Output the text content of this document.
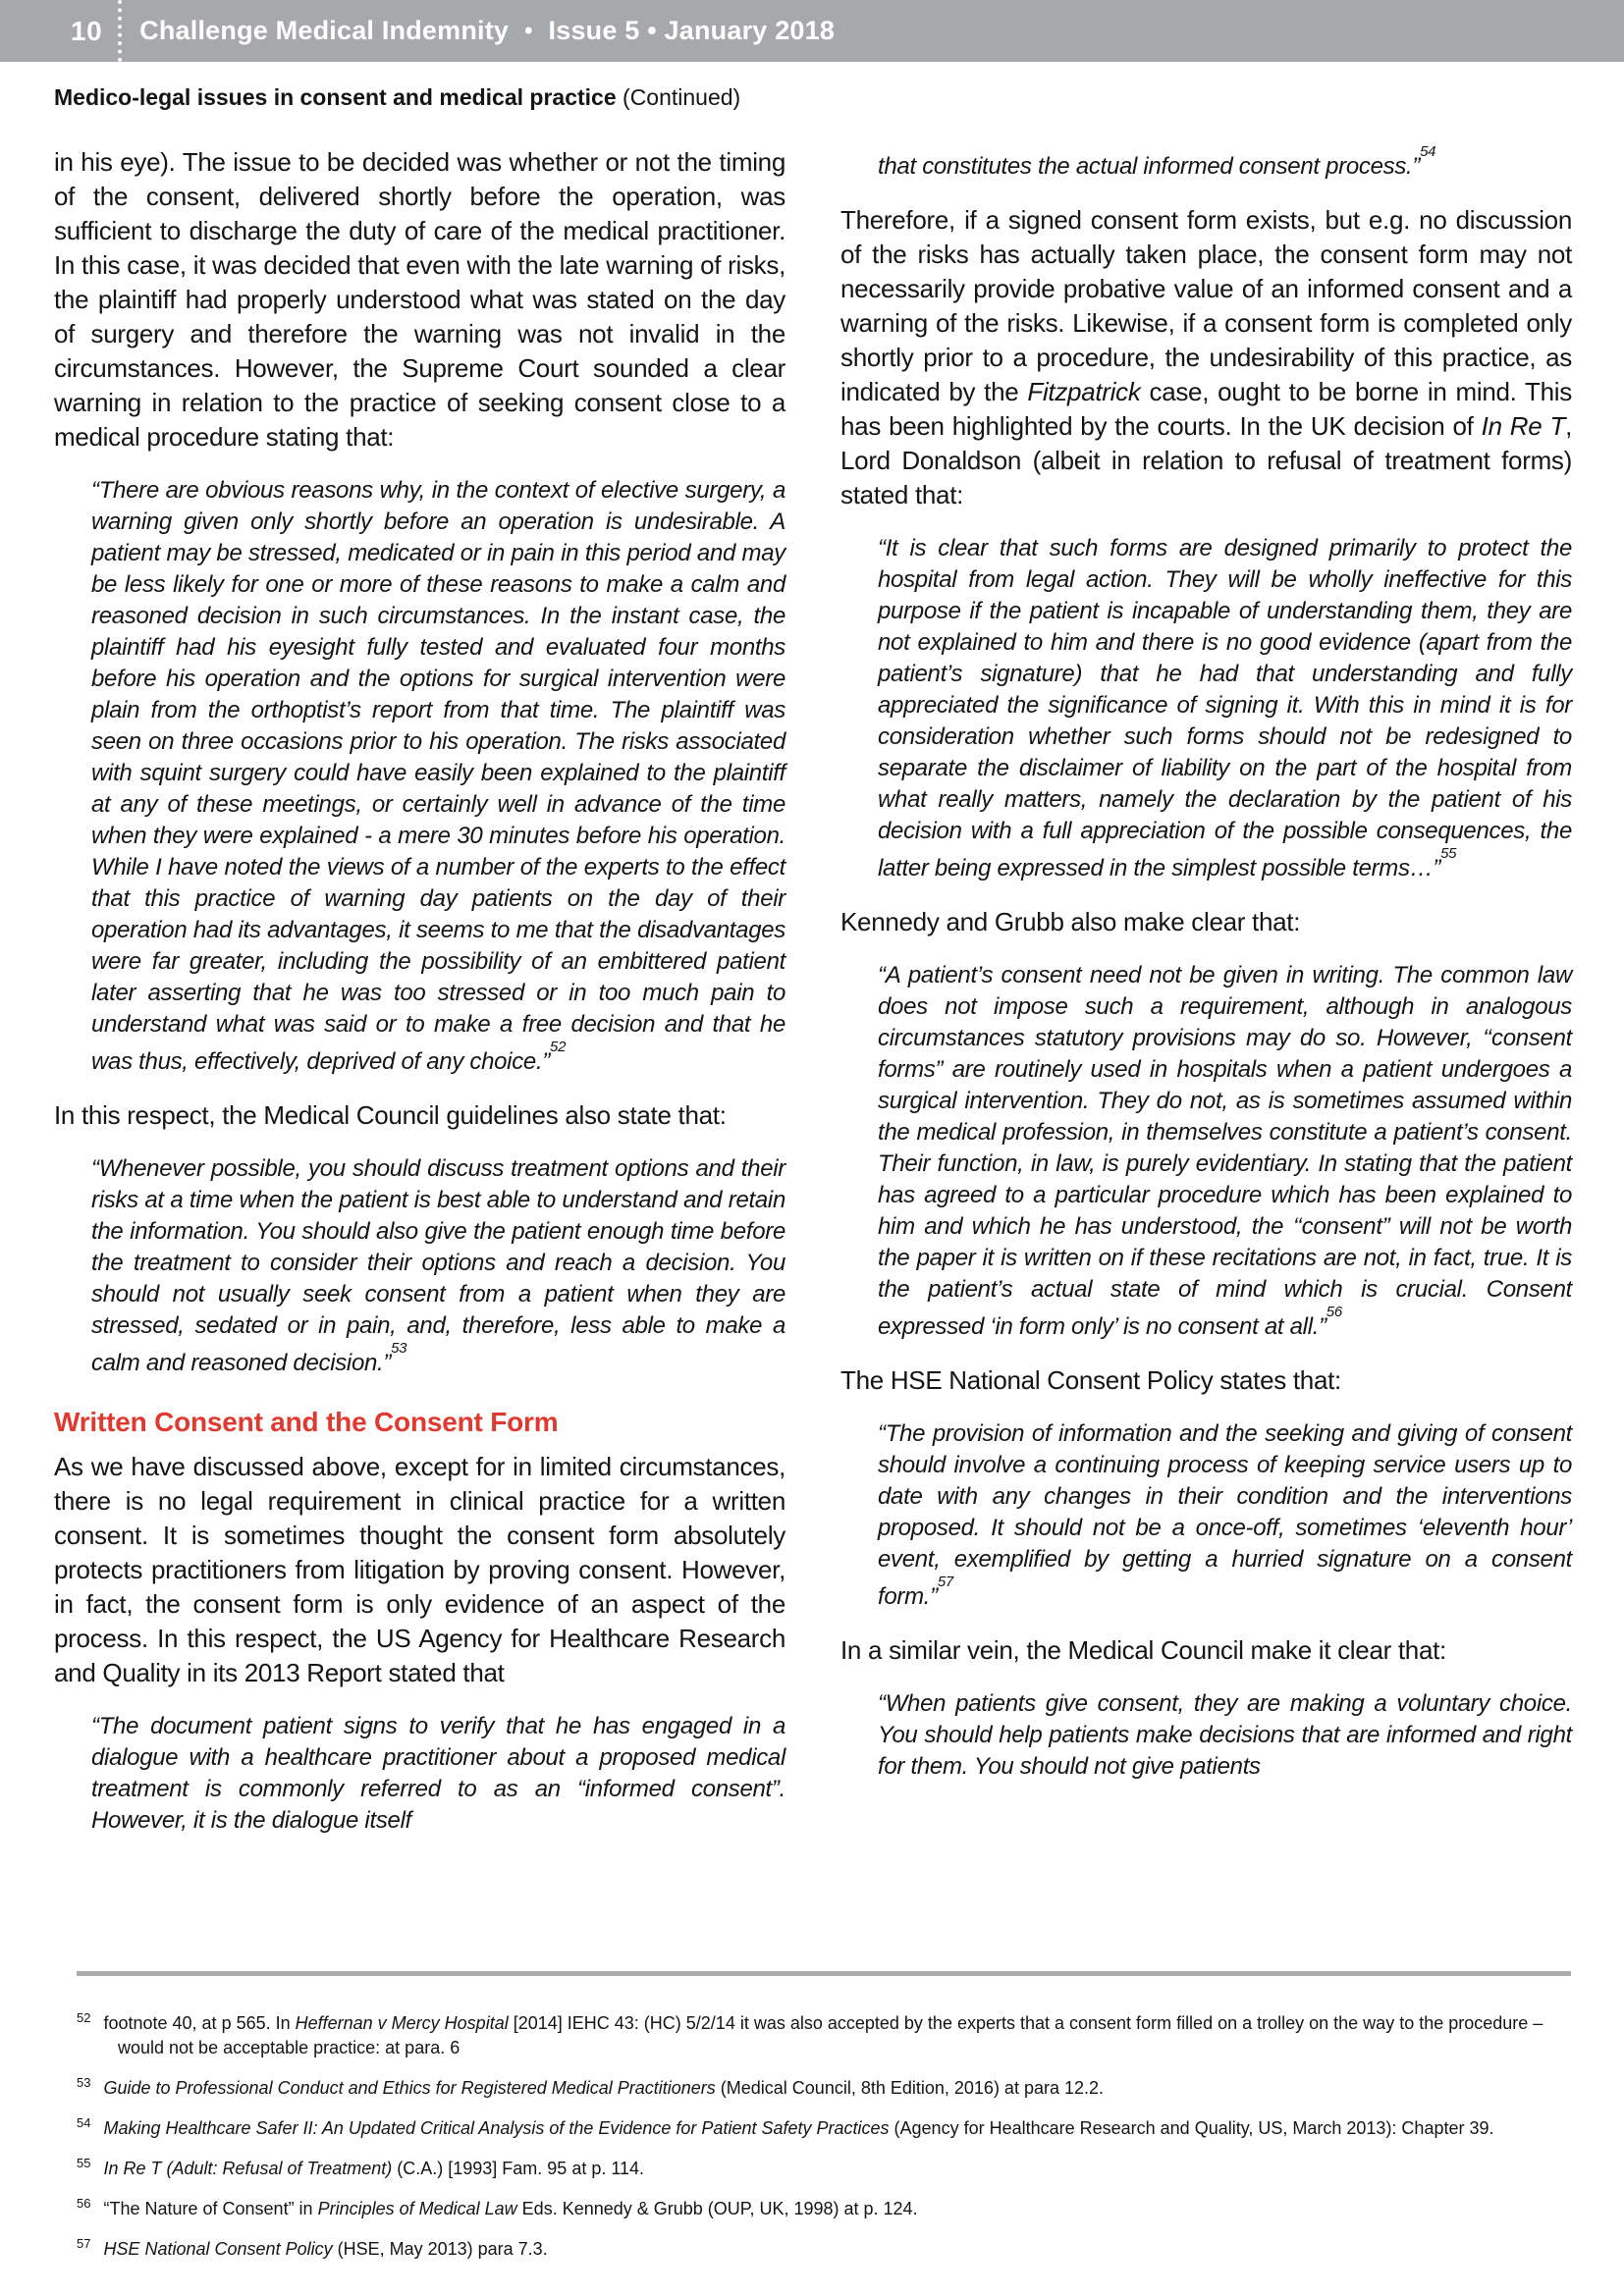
10 Challenge Medical Indemnity • Issue 5 • January 2018
Medico-legal issues in consent and medical practice (Continued)

in his eye). The issue to be decided was whether or not the timing of the consent, delivered shortly before the operation, was sufficient to discharge the duty of care of the medical practitioner. In this case, it was decided that even with the late warning of risks, the plaintiff had properly understood what was stated on the day of surgery and therefore the warning was not invalid in the circumstances. However, the Supreme Court sounded a clear warning in relation to the practice of seeking consent close to a medical procedure stating that:

“There are obvious reasons why, in the context of elective surgery, a warning given only shortly before an operation is undesirable. A patient may be stressed, medicated or in pain in this period and may be less likely for one or more of these reasons to make a calm and reasoned decision in such circumstances. In the instant case, the plaintiff had his eyesight fully tested and evaluated four months before his operation and the options for surgical intervention were plain from the orthoptist’s report from that time. The plaintiff was seen on three occasions prior to his operation. The risks associated with squint surgery could have easily been explained to the plaintiff at any of these meetings, or certainly well in advance of the time when they were explained - a mere 30 minutes before his operation. While I have noted the views of a number of the experts to the effect that this practice of warning day patients on the day of their operation had its advantages, it seems to me that the disadvantages were far greater, including the possibility of an embittered patient later asserting that he was too stressed or in too much pain to understand what was said or to make a free decision and that he was thus, effectively, deprived of any choice.”$^{52}$

In this respect, the Medical Council guidelines also state that:

“Whenever possible, you should discuss treatment options and their risks at a time when the patient is best able to understand and retain the information. You should also give the patient enough time before the treatment to consider their options and reach a decision. You should not usually seek consent from a patient when they are stressed, sedated or in pain, and, therefore, less able to make a calm and reasoned decision.”$^{53}$
Written Consent and the Consent Form

As we have discussed above, except for in limited circumstances, there is no legal requirement in clinical practice for a written consent. It is sometimes thought the consent form absolutely protects practitioners from litigation by proving consent. However, in fact, the consent form is only evidence of an aspect of the process. In this respect, the US Agency for Healthcare Research and Quality in its 2013 Report stated that

“The document patient signs to verify that he has engaged in a dialogue with a healthcare practitioner about a proposed medical treatment is commonly referred to as an “informed consent”. However, it is the dialogue itself
that constitutes the actual informed consent process.”$^{54}$

Therefore, if a signed consent form exists, but e.g. no discussion of the risks has actually taken place, the consent form may not necessarily provide probative value of an informed consent and a warning of the risks. Likewise, if a consent form is completed only shortly prior to a procedure, the undesirability of this practice, as indicated by the Fitzpatrick case, ought to be borne in mind. This has been highlighted by the courts. In the UK decision of In Re T, Lord Donaldson (albeit in relation to refusal of treatment forms) stated that:

“It is clear that such forms are designed primarily to protect the hospital from legal action. They will be wholly ineffective for this purpose if the patient is incapable of understanding them, they are not explained to him and there is no good evidence (apart from the patient’s signature) that he had that understanding and fully appreciated the significance of signing it. With this in mind it is for consideration whether such forms should not be redesigned to separate the disclaimer of liability on the part of the hospital from what really matters, namely the declaration by the patient of his decision with a full appreciation of the possible consequences, the latter being expressed in the simplest possible terms…”$^{55}$

Kennedy and Grubb also make clear that:

“A patient’s consent need not be given in writing. The common law does not impose such a requirement, although in analogous circumstances statutory provisions may do so. However, ‘‘consent forms” are routinely used in hospitals when a patient undergoes a surgical intervention. They do not, as is sometimes assumed within the medical profession, in themselves constitute a patient’s consent. Their function, in law, is purely evidentiary. In stating that the patient has agreed to a particular procedure which has been explained to him and which he has understood, the ‘‘consent” will not be worth the paper it is written on if these recitations are not, in fact, true. It is the patient’s actual state of mind which is crucial. Consent expressed ‘in form only’ is no consent at all.”$^{56}$

The HSE National Consent Policy states that:

“The provision of information and the seeking and giving of consent should involve a continuing process of keeping service users up to date with any changes in their condition and the interventions proposed. It should not be a once-off, sometimes ‘eleventh hour’ event, exemplified by getting a hurried signature on a consent form.”$^{57}$

In a similar vein, the Medical Council make it clear that:

“When patients give consent, they are making a voluntary choice. You should help patients make decisions that are informed and right for them. You should not give patients
$^{52}$ footnote 40, at p 565. In Heffernan v Mercy Hospital [2014] IEHC 43: (HC) 5/2/14 it was also accepted by the experts that a consent form filled on a trolley on the way to the procedure – would not be acceptable practice: at para. 6
$^{53}$ Guide to Professional Conduct and Ethics for Registered Medical Practitioners (Medical Council, 8th Edition, 2016) at para 12.2.
$^{54}$ Making Healthcare Safer II: An Updated Critical Analysis of the Evidence for Patient Safety Practices (Agency for Healthcare Research and Quality, US, March 2013): Chapter 39.
$^{55}$ In Re T (Adult: Refusal of Treatment) (C.A.) [1993] Fam. 95 at p. 114.
$^{56}$ “The Nature of Consent” in Principles of Medical Law Eds. Kennedy & Grubb (OUP, UK, 1998) at p. 124.
$^{57}$ HSE National Consent Policy (HSE, May 2013) para 7.3.
